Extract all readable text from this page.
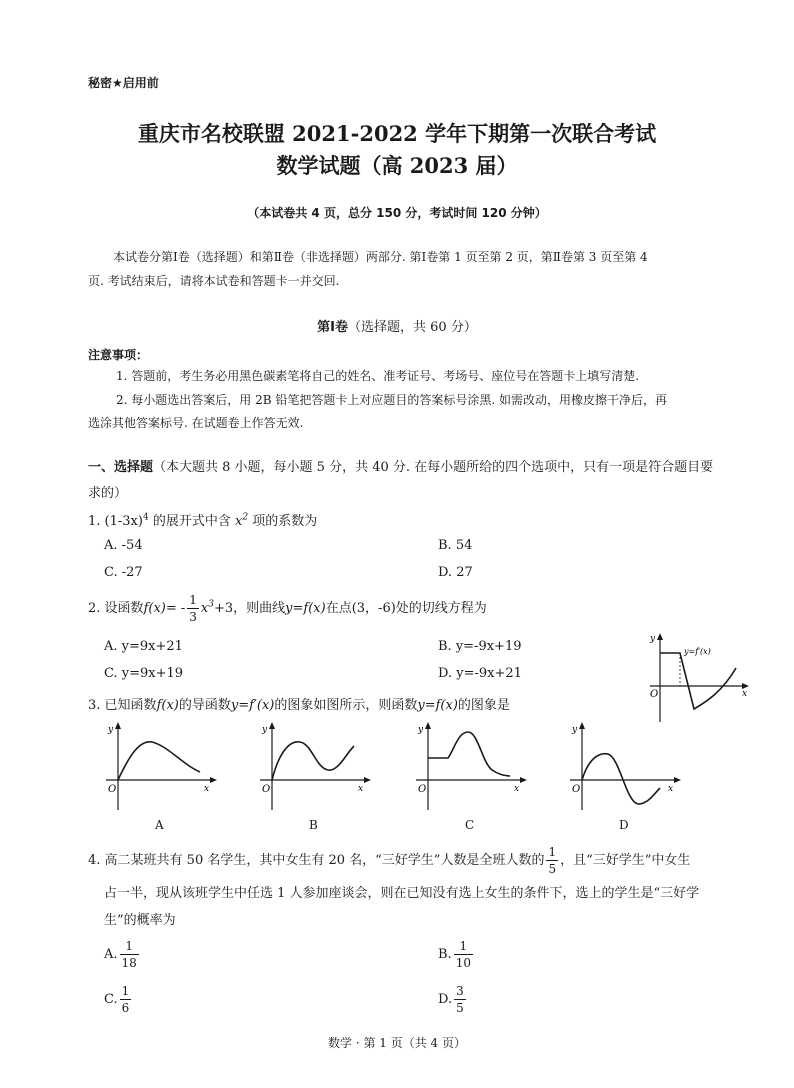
秘密★启用前
重庆市名校联盟 2021-2022 学年下期第一次联合考试
数学试题（高 2023 届）
（本试卷共 4 页，总分 150 分，考试时间 120 分钟）
本试卷分第Ⅰ卷（选择题）和第Ⅱ卷（非选择题）两部分. 第Ⅰ卷第 1 页至第 2 页，第Ⅱ卷第 3 页至第 4
页. 考试结束后，请将本试卷和答题卡一并交回.
第Ⅰ卷（选择题，共 60 分）
注意事项：
1. 答题前，考生务必用黑色碳素笔将自己的姓名、准考证号、考场号、座位号在答题卡上填写清楚.
2. 每小题选出答案后，用 2B 铅笔把答题卡上对应题目的答案标号涂黑. 如需改动，用橡皮擦干净后，再
选涂其他答案标号. 在试题卷上作答无效.
一、选择题（本大题共 8 小题，每小题 5 分，共 40 分. 在每小题所给的四个选项中，只有一项是符合题目要
求的）
1. $(1-3x)^4$ 的展开式中含 $x^2$ 项的系数为
A. -54	B. 54
C. -27	D. 27
2. 设函数$f(x)= - \frac{1}{3} x^3+3$，则曲线y=f(x)在点(3，-6)处的切线方程为
A. y=9x+21	B. y=-9x+19
C. y=9x+19	D. y=-9x+21
y
x
O
y=f′(x)
3. 已知函数f(x)的导函数y=f′(x)的图象如图所示，则函数y=f(x)的图象是
y
x
O
y
x
O
y
x
O
y
x
O
A	B	C	D
4. 高二某班共有 50 名学生，其中女生有 20 名，“三好学生”人数是全班人数的 $\frac{1}{5}$ ，且“三好学生”中女生
占一半，现从该班学生中任选 1 人参加座谈会，则在已知没有选上女生的条件下，选上的学生是“三好学
生”的概率为
A. $\frac{1}{18}$	B. $\frac{1}{10}$
C. $\frac{1}{6}$	D. $\frac{3}{5}$
数学 · 第 1 页（共 4 页）
